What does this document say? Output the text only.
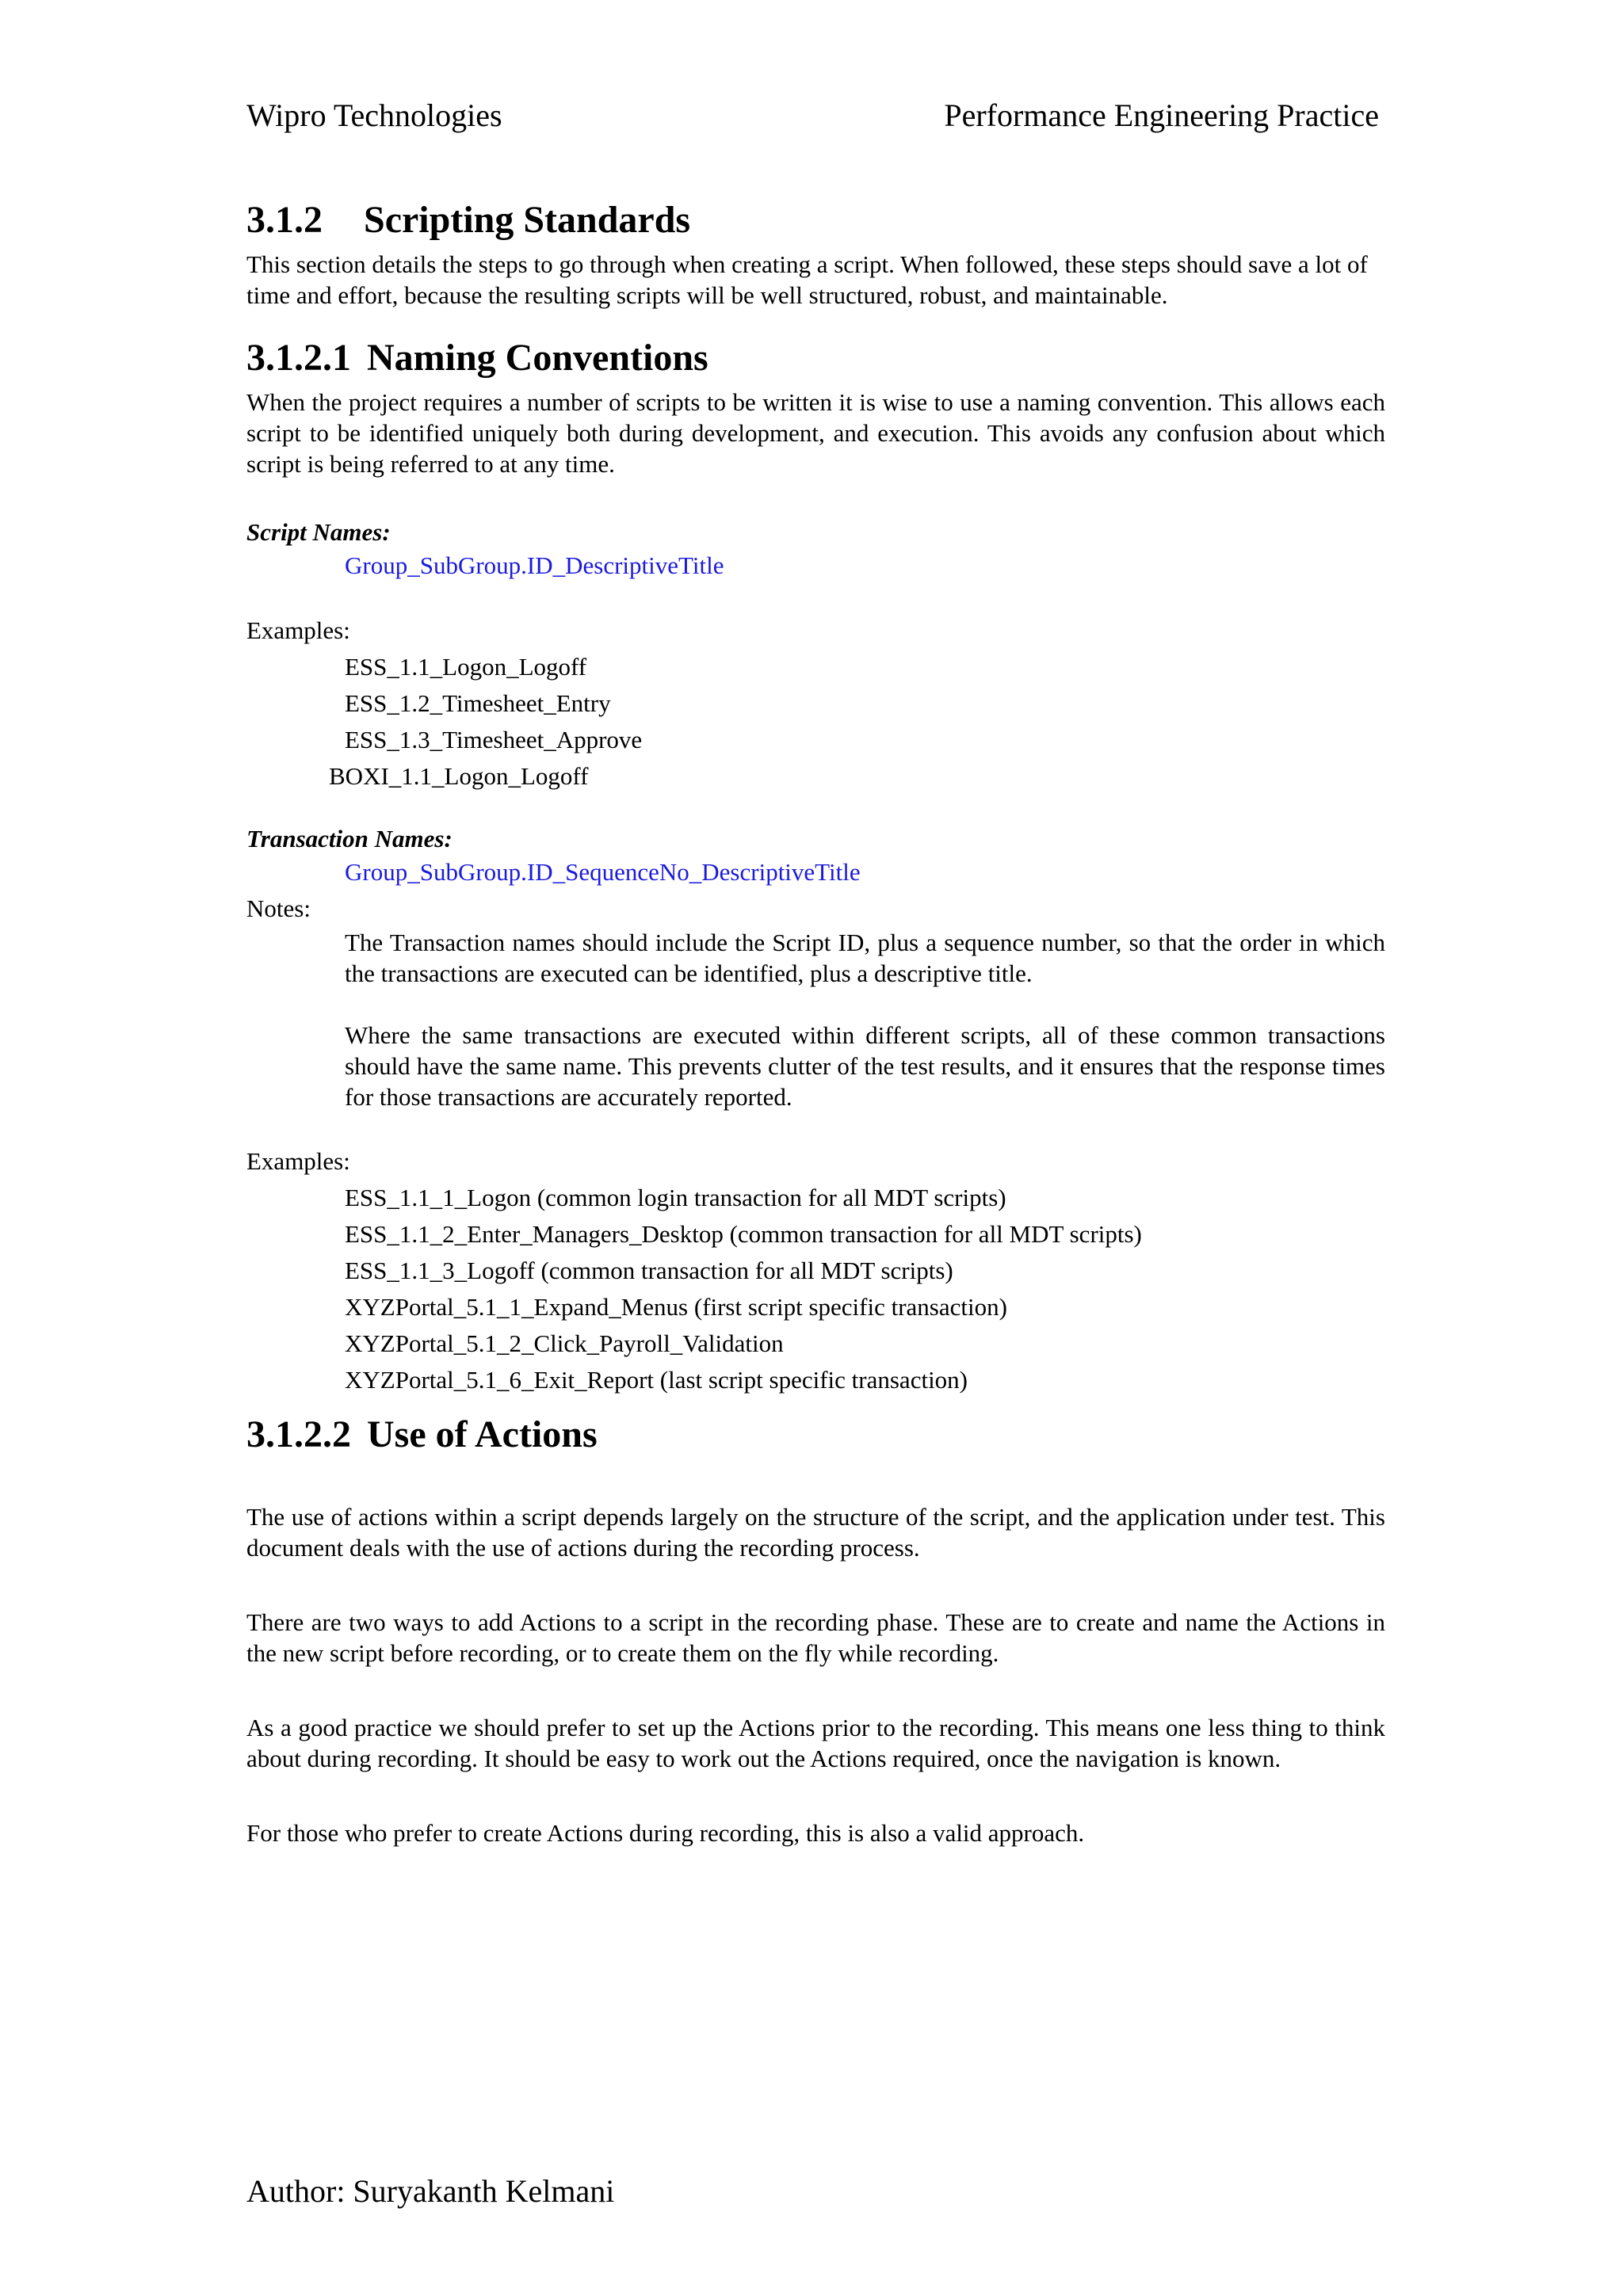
Wipro Technologies	Performance Engineering Practice
3.1.2 Scripting Standards

This section details the steps to go through when creating a script. When followed, these steps should save a lot of time and effort, because the resulting scripts will be well structured, robust, and maintainable.

3.1.2.1 Naming Conventions

When the project requires a number of scripts to be written it is wise to use a naming convention. This allows each script to be identified uniquely both during development, and execution. This avoids any confusion about which script is being referred to at any time.

Script Names:

Group_SubGroup.ID_DescriptiveTitle

Examples:

ESS_1.1_Logon_Logoff
ESS_1.2_Timesheet_Entry
ESS_1.3_Timesheet_Approve
BOXI_1.1_Logon_Logoff

Transaction Names:

Group_SubGroup.ID_SequenceNo_DescriptiveTitle

Notes:

The Transaction names should include the Script ID, plus a sequence number, so that the order in which the transactions are executed can be identified, plus a descriptive title.

Where the same transactions are executed within different scripts, all of these common transactions should have the same name. This prevents clutter of the test results, and it ensures that the response times for those transactions are accurately reported.

Examples:

ESS_1.1_1_Logon (common login transaction for all MDT scripts)
ESS_1.1_2_Enter_Managers_Desktop (common transaction for all MDT scripts)
ESS_1.1_3_Logoff (common transaction for all MDT scripts)
XYZPortal_5.1_1_Expand_Menus (first script specific transaction)
XYZPortal_5.1_2_Click_Payroll_Validation
XYZPortal_5.1_6_Exit_Report (last script specific transaction)
3.1.2.2 Use of Actions

The use of actions within a script depends largely on the structure of the script, and the application under test. This document deals with the use of actions during the recording process.

There are two ways to add Actions to a script in the recording phase. These are to create and name the Actions in the new script before recording, or to create them on the fly while recording.

As a good practice we should prefer to set up the Actions prior to the recording. This means one less thing to think about during recording. It should be easy to work out the Actions required, once the navigation is known.

For those who prefer to create Actions during recording, this is also a valid approach.

Author: Suryakanth Kelmani
